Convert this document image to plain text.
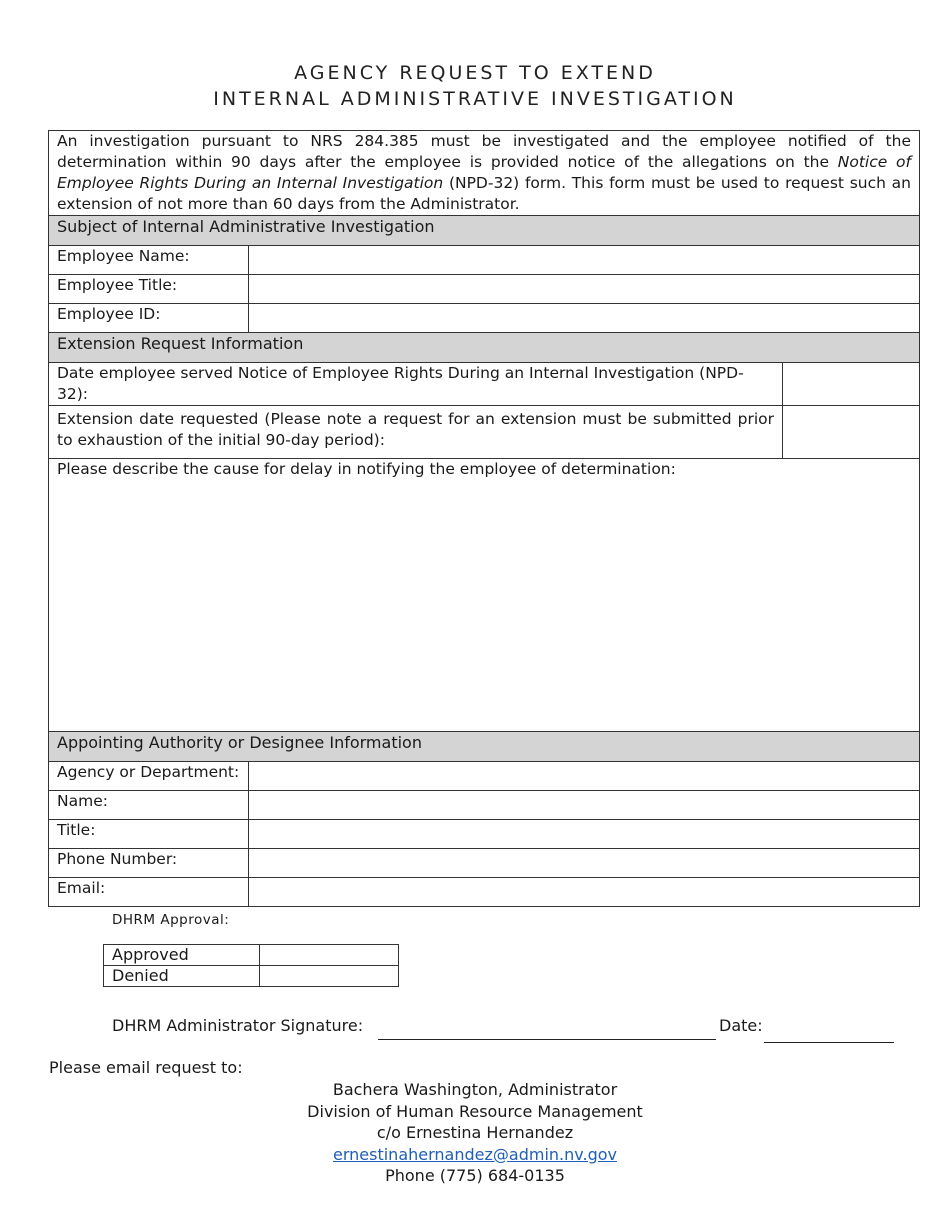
AGENCY REQUEST TO EXTEND
INTERNAL ADMINISTRATIVE INVESTIGATION
An investigation pursuant to NRS 284.385 must be investigated and the employee notified of the determination within 90 days after the employee is provided notice of the allegations on the Notice of Employee Rights During an Internal Investigation (NPD-32) form. This form must be used to request such an extension of not more than 60 days from the Administrator.		
Subject of Internal Administrative Investigation		
Employee Name:		
Employee Title:		
Employee ID:		
Extension Request Information		
Date employee served Notice of Employee Rights During an Internal Investigation (NPD-32):		
Extension date requested (Please note a request for an extension must be submitted prior to exhaustion of the initial 90-day period):		
Please describe the cause for delay in notifying the employee of determination:		
Appointing Authority or Designee Information		
Agency or Department:		
Name:		
Title:		
Phone Number:		
Email:		
DHRM Approval:
Approved	
Denied	
DHRM Administrator Signature:	Date:
Please email request to:
Bachera Washington, Administrator
Division of Human Resource Management
c/o Ernestina Hernandez
ernestinahernandez@admin.nv.gov
Phone (775) 684-0135
